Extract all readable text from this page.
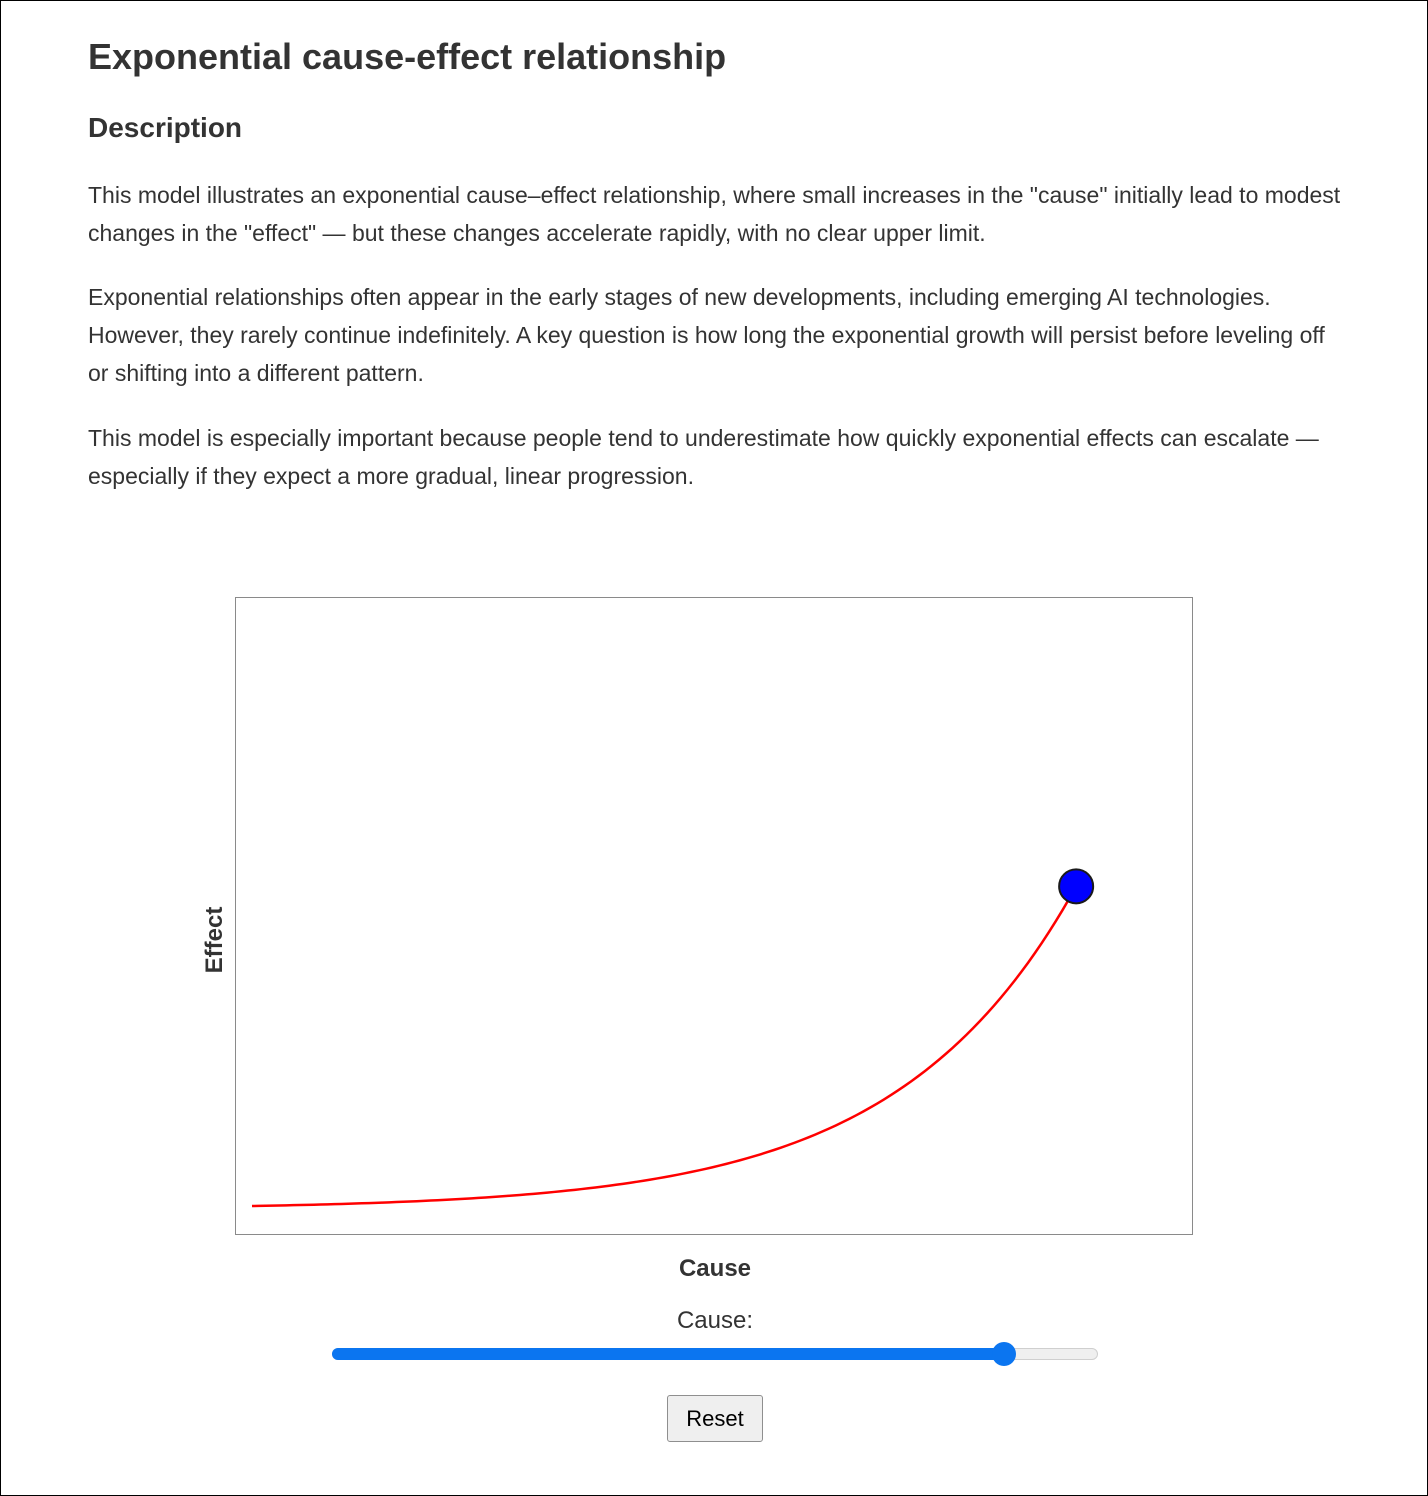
Exponential cause-effect relationship
Description

This model illustrates an exponential cause–effect relationship, where small increases in the "cause" initially lead to modest changes in the "effect" — but these changes accelerate rapidly, with no clear upper limit.

Exponential relationships often appear in the early stages of new developments, including emerging AI technologies. However, they rarely continue indefinitely. A key question is how long the exponential growth will persist before leveling off or shifting into a different pattern.

This model is especially important because people tend to underestimate how quickly exponential effects can escalate — especially if they expect a more gradual, linear progression.

Effect
Cause
Cause:
Reset
